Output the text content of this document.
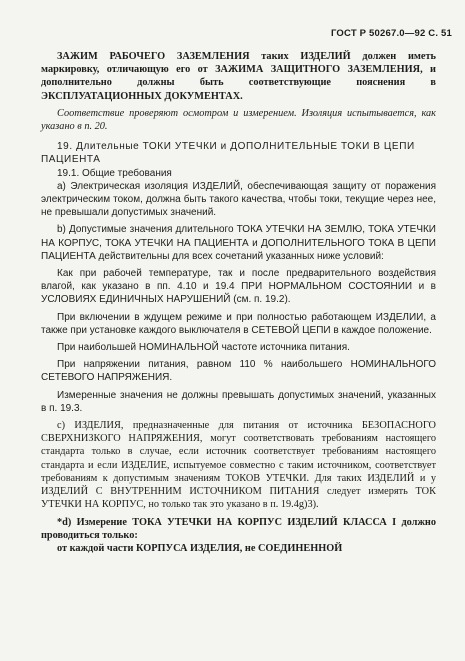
ГОСТ Р 50267.0—92 С. 51

ЗАЖИМ РАБОЧЕГО ЗАЗЕМЛЕНИЯ таких ИЗДЕЛИЙ должен иметь маркировку, отличающую его от ЗАЖИМА ЗАЩИТНОГО ЗАЗЕМЛЕНИЯ, и дополнительно должны быть соответствующие пояснения в ЭКСПЛУАТАЦИОННЫХ ДОКУМЕНТАХ.

Соответствие проверяют осмотром и измерением. Изоляция испытывается, как указано в п. 20.

19. Длительные ТОКИ УТЕЧКИ и ДОПОЛНИТЕЛЬНЫЕ ТОКИ В ЦЕПИ ПАЦИЕНТА

19.1. Общие требования

а) Электрическая изоляция ИЗДЕЛИЙ, обеспечивающая защиту от поражения электрическим током, должна быть такого качества, чтобы токи, текущие через нее, не превышали допустимых значений.

b) Допустимые значения длительного ТОКА УТЕЧКИ НА ЗЕМЛЮ, ТОКА УТЕЧКИ НА КОРПУС, ТОКА УТЕЧКИ НА ПАЦИЕНТА и ДОПОЛНИТЕЛЬНОГО ТОКА В ЦЕПИ ПАЦИЕНТА действительны для всех сочетаний указанных ниже условий:

Как при рабочей температуре, так и после предварительного воздействия влагой, как указано в пп. 4.10 и 19.4 ПРИ НОРМАЛЬНОМ СОСТОЯНИИ и в УСЛОВИЯХ ЕДИНИЧНЫХ НАРУШЕНИЙ (см. п. 19.2).

При включении в ждущем режиме и при полностью работающем ИЗДЕЛИИ, а также при установке каждого выключателя в СЕТЕВОЙ ЦЕПИ в каждое положение.

При наибольшей НОМИНАЛЬНОЙ частоте источника питания.

При напряжении питания, равном 110 % наибольшего НОМИНАЛЬНОГО СЕТЕВОГО НАПРЯЖЕНИЯ.

Измеренные значения не должны превышать допустимых значений, указанных в п. 19.3.

с) ИЗДЕЛИЯ, предназначенные для питания от источника БЕЗОПАСНОГО СВЕРХНИЗКОГО НАПРЯЖЕНИЯ, могут соответствовать требованиям настоящего стандарта только в случае, если источник соответствует требованиям настоящего стандарта и если ИЗДЕЛИЕ, испытуемое совместно с таким источником, соответствует требованиям к допустимым значениям ТОКОВ УТЕЧКИ. Для таких ИЗДЕЛИЙ и у ИЗДЕЛИЙ С ВНУТРЕННИМ ИСТОЧНИКОМ ПИТАНИЯ следует измерять ТОК УТЕЧКИ НА КОРПУС, но только так это указано в п. 19.4g)3).

*d) Измерение ТОКА УТЕЧКИ НА КОРПУС ИЗДЕЛИЙ КЛАССА I должно проводиться только:

от каждой части КОРПУСА ИЗДЕЛИЯ, не СОЕДИНЕННОЙ
